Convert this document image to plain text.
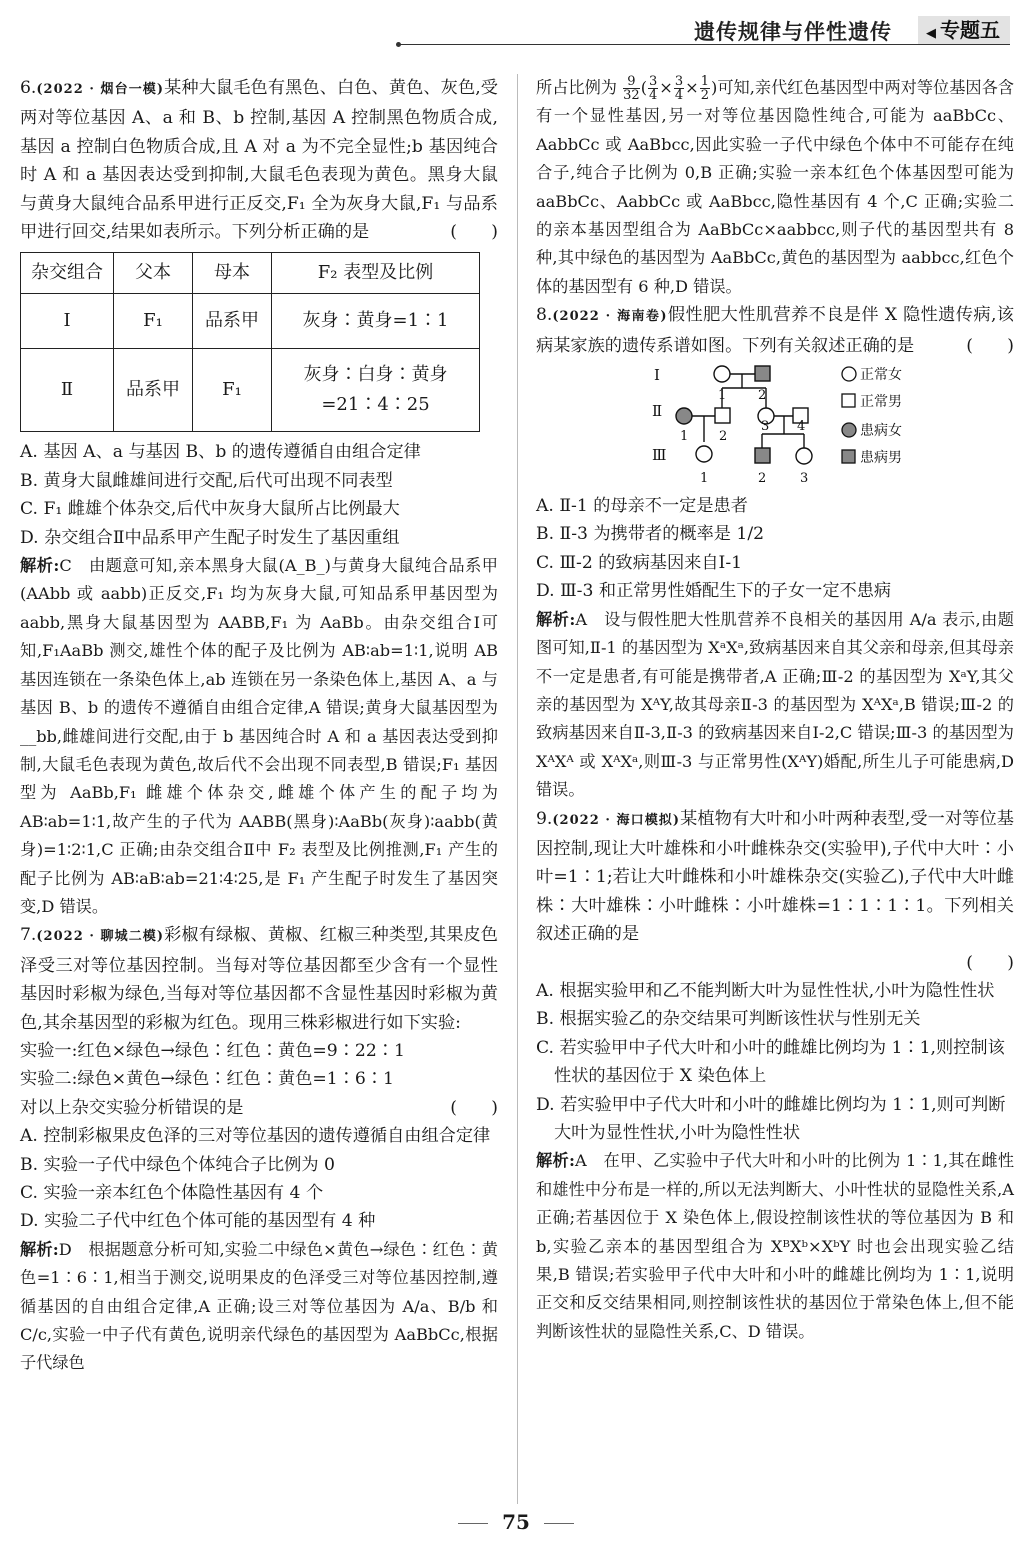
遗传规律与伴性遗传	◀ 专题五

6.(2022 · 烟台一模)某种大鼠毛色有黑色、白色、黄色、灰色,受两对等位基因 A、a 和 B、b 控制,基因 A 控制黑色物质合成,基因 a 控制白色物质合成,且 A 对 a 为不完全显性;b 基因纯合时 A 和 a 基因表达受到抑制,大鼠毛色表现为黄色。黑身大鼠与黄身大鼠纯合品系甲进行正反交,F₁ 全为灰身大鼠,F₁ 与品系甲进行回交,结果如表所示。下列分析正确的是	(　　)

杂交组合	父本	母本	F₂ 表型及比例
Ⅰ	F₁	品系甲	灰身∶黄身=1∶1
Ⅱ	品系甲	F₁	灰身∶白身∶黄身 =21∶4∶25

A. 基因 A、a 与基因 B、b 的遗传遵循自由组合定律

B. 黄身大鼠雌雄间进行交配,后代可出现不同表型

C. F₁ 雌雄个体杂交,后代中灰身大鼠所占比例最大

D. 杂交组合Ⅱ中品系甲产生配子时发生了基因重组

解析:C　由题意可知,亲本黑身大鼠(A_B_)与黄身大鼠纯合品系甲(AAbb 或 aabb)正反交,F₁ 均为灰身大鼠,可知品系甲基因型为 aabb,黑身大鼠基因型为 AABB,F₁ 为 AaBb。由杂交组合Ⅰ可知,F₁AaBb 测交,雄性个体的配子及比例为 AB∶ab=1∶1,说明 AB 基因连锁在一条染色体上,ab 连锁在另一条染色体上,基因 A、a 与基因 B、b 的遗传不遵循自由组合定律,A 错误;黄身大鼠基因型为__bb,雌雄间进行交配,由于 b 基因纯合时 A 和 a 基因表达受到抑制,大鼠毛色表现为黄色,故后代不会出现不同表型,B 错误;F₁ 基因型为 AaBb,F₁ 雌雄个体杂交,雌雄个体产生的配子均为 AB∶ab=1∶1,故产生的子代为 AABB(黑身)∶AaBb(灰身)∶aabb(黄身)=1∶2∶1,C 正确;由杂交组合Ⅱ中 F₂ 表型及比例推测,F₁ 产生的配子比例为 AB∶aB∶ab=21∶4∶25,是 F₁ 产生配子时发生了基因突变,D 错误。

7.(2022 · 聊城二模)彩椒有绿椒、黄椒、红椒三种类型,其果皮色泽受三对等位基因控制。当每对等位基因都至少含有一个显性基因时彩椒为绿色,当每对等位基因都不含显性基因时彩椒为黄色,其余基因型的彩椒为红色。现用三株彩椒进行如下实验:

实验一:红色×绿色→绿色∶红色∶黄色=9∶22∶1

实验二:绿色×黄色→绿色∶红色∶黄色=1∶6∶1

对以上杂交实验分析错误的是	(　　)

A. 控制彩椒果皮色泽的三对等位基因的遗传遵循自由组合定律

B. 实验一子代中绿色个体纯合子比例为 0

C. 实验一亲本红色个体隐性基因有 4 个

D. 实验二子代中红色个体可能的基因型有 4 种

解析:D　根据题意分析可知,实验二中绿色×黄色→绿色∶红色∶黄色=1∶6∶1,相当于测交,说明果皮的色泽受三对等位基因控制,遵循基因的自由组合定律,A 正确;设三对等位基因为 A/a、B/b 和 C/c,实验一中子代有黄色,说明亲代绿色的基因型为 AaBbCc,根据子代绿色

所占比例为 $\frac{9}{32}$ ( $\frac{3}{4} \times \frac{3}{4} \times \frac{1}{2}$ )可知,亲代红色基因型中两对等位基因各含有一个显性基因,另一对等位基因隐性纯合,可能为 aaBbCc、AabbCc 或 AaBbcc,因此实验一子代中绿色个体中不可能存在纯合子,纯合子比例为 0,B 正确;实验一亲本红色个体基因型可能为 aaBbCc、AabbCc 或 AaBbcc,隐性基因有 4 个,C 正确;实验二的亲本基因型组合为 AaBbCc×aabbcc,则子代的基因型共有 8 种,其中绿色的基因型为 AaBbCc,黄色的基因型为 aabbcc,红色个体的基因型有 6 种,D 错误。

8.(2022 · 海南卷)假性肥大性肌营养不良是伴 X 隐性遗传病,该病某家族的遗传系谱如图。下列有关叙述正确的是	(　　)

Ⅰ
Ⅱ
Ⅲ
1 2
1 2
3 4
1	2	3
正常女
正常男
患病女
患病男

A. Ⅱ-1 的母亲不一定是患者

B. Ⅱ-3 为携带者的概率是 1/2

C. Ⅲ-2 的致病基因来自Ⅰ-1

D. Ⅲ-3 和正常男性婚配生下的子女一定不患病

解析:A　设与假性肥大性肌营养不良相关的基因用 A/a 表示,由题图可知,Ⅱ-1 的基因型为 XᵃXᵃ,致病基因来自其父亲和母亲,但其母亲不一定是患者,有可能是携带者,A 正确;Ⅲ-2 的基因型为 XᵃY,其父亲的基因型为 XᴬY,故其母亲Ⅱ-3 的基因型为 XᴬXᵃ,B 错误;Ⅲ-2 的致病基因来自Ⅱ-3,Ⅱ-3 的致病基因来自Ⅰ-2,C 错误;Ⅲ-3 的基因型为 XᴬXᴬ 或 XᴬXᵃ,则Ⅲ-3 与正常男性(XᴬY)婚配,所生儿子可能患病,D 错误。

9.(2022 · 海口模拟)某植物有大叶和小叶两种表型,受一对等位基因控制,现让大叶雄株和小叶雌株杂交(实验甲),子代中大叶∶小叶=1∶1;若让大叶雌株和小叶雄株杂交(实验乙),子代中大叶雌株∶大叶雄株∶小叶雌株∶小叶雄株=1∶1∶1∶1。下列相关叙述正确的是

(　　)

A. 根据实验甲和乙不能判断大叶为显性性状,小叶为隐性性状

B. 根据实验乙的杂交结果可判断该性状与性别无关

C. 若实验甲中子代大叶和小叶的雌雄比例均为 1∶1,则控制该性状的基因位于 X 染色体上

D. 若实验甲中子代大叶和小叶的雌雄比例均为 1∶1,则可判断大叶为显性性状,小叶为隐性性状

解析:A　在甲、乙实验中子代大叶和小叶的比例为 1∶1,其在雌性和雄性中分布是一样的,所以无法判断大、小叶性状的显隐性关系,A 正确;若基因位于 X 染色体上,假设控制该性状的等位基因为 B 和 b,实验乙亲本的基因型组合为 XᴮXᵇ×XᵇY 时也会出现实验乙结果,B 错误;若实验甲子代中大叶和小叶的雌雄比例均为 1∶1,说明正交和反交结果相同,则控制该性状的基因位于常染色体上,但不能判断该性状的显隐性关系,C、D 错误。

75
